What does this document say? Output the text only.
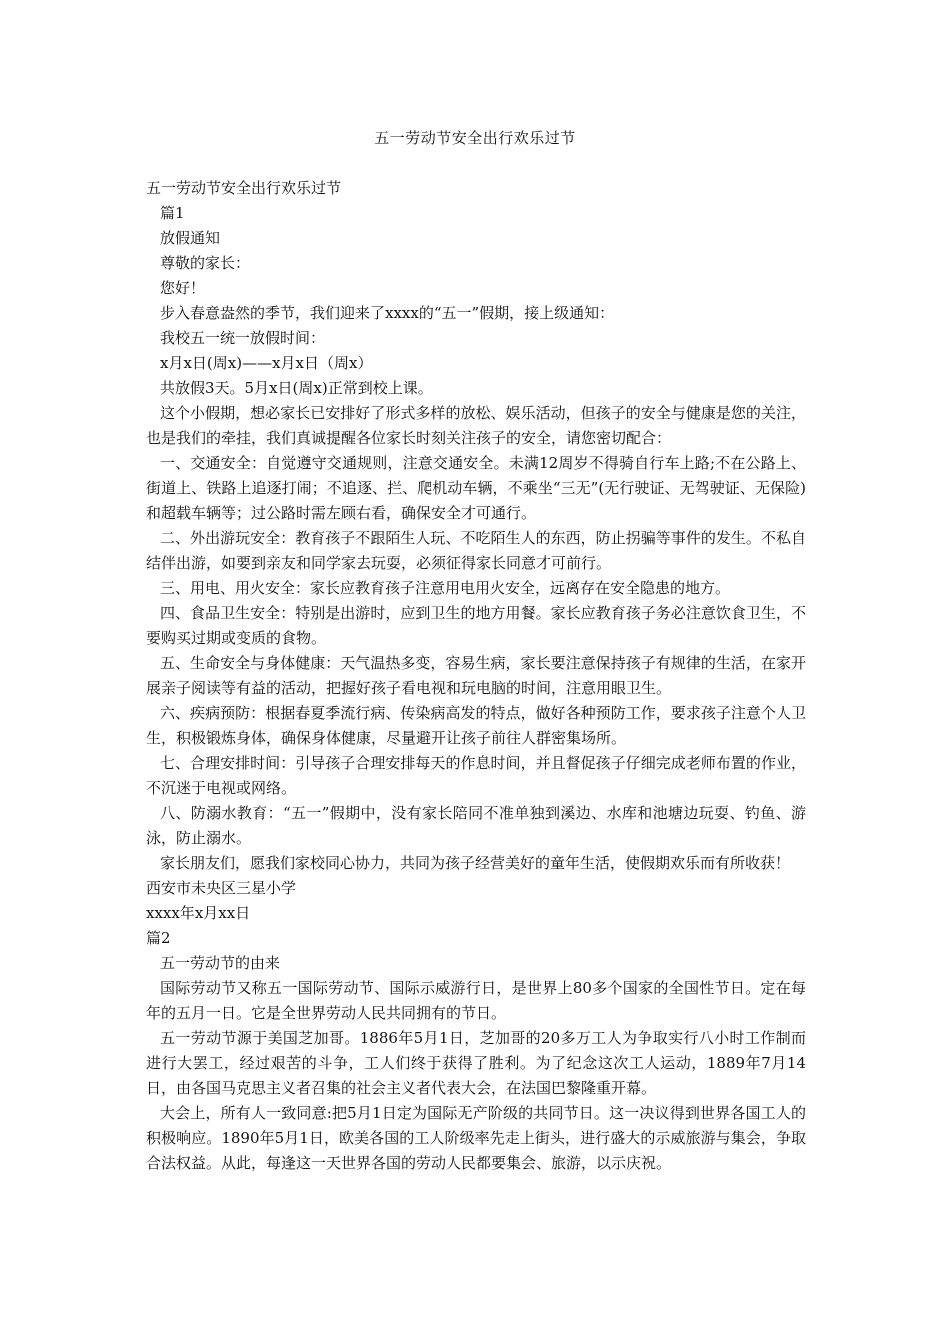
五一劳动节安全出行欢乐过节

五一劳动节安全出行欢乐过节

篇1

放假通知

尊敬的家长：

您好！

步入春意盎然的季节，我们迎来了xxxx的“五一”假期，接上级通知：

我校五一统一放假时间：

x月x日(周x)——x月x日（周x）

共放假3天。5月x日(周x)正常到校上课。

这个小假期，想必家长已安排好了形式多样的放松、娱乐活动，但孩子的安全与健康是您的关注，也是我们的牵挂，我们真诚提醒各位家长时刻关注孩子的安全，请您密切配合：

一、交通安全：自觉遵守交通规则，注意交通安全。未满12周岁不得骑自行车上路;不在公路上、街道上、铁路上追逐打闹；不追逐、拦、爬机动车辆，不乘坐“三无”(无行驶证、无驾驶证、无保险)和超载车辆等；过公路时需左顾右看，确保安全才可通行。

二、外出游玩安全：教育孩子不跟陌生人玩、不吃陌生人的东西，防止拐骗等事件的发生。不私自结伴出游，如要到亲友和同学家去玩耍，必须征得家长同意才可前行。

三、用电、用火安全：家长应教育孩子注意用电用火安全，远离存在安全隐患的地方。

四、食品卫生安全：特别是出游时，应到卫生的地方用餐。家长应教育孩子务必注意饮食卫生，不要购买过期或变质的食物。

五、生命安全与身体健康：天气温热多变，容易生病，家长要注意保持孩子有规律的生活，在家开展亲子阅读等有益的活动，把握好孩子看电视和玩电脑的时间，注意用眼卫生。

六、疾病预防：根据春夏季流行病、传染病高发的特点，做好各种预防工作，要求孩子注意个人卫生，积极锻炼身体，确保身体健康，尽量避开让孩子前往人群密集场所。

七、合理安排时间：引导孩子合理安排每天的作息时间，并且督促孩子仔细完成老师布置的作业，不沉迷于电视或网络。

八、防溺水教育：“五一”假期中，没有家长陪同不准单独到溪边、水库和池塘边玩耍、钓鱼、游泳，防止溺水。

家长朋友们，愿我们家校同心协力，共同为孩子经营美好的童年生活，使假期欢乐而有所收获！

西安市未央区三星小学

xxxx年x月xx日

篇2

五一劳动节的由来

国际劳动节又称五一国际劳动节、国际示威游行日，是世界上80多个国家的全国性节日。定在每年的五月一日。它是全世界劳动人民共同拥有的节日。

五一劳动节源于美国芝加哥。1886年5月1日，芝加哥的20多万工人为争取实行八小时工作制而进行大罢工，经过艰苦的斗争，工人们终于获得了胜利。为了纪念这次工人运动，1889年7月14日，由各国马克思主义者召集的社会主义者代表大会，在法国巴黎隆重开幕。

大会上，所有人一致同意:把5月1日定为国际无产阶级的共同节日。这一决议得到世界各国工人的积极响应。1890年5月1日，欧美各国的工人阶级率先走上街头，进行盛大的示威旅游与集会，争取合法权益。从此，每逢这一天世界各国的劳动人民都要集会、旅游，以示庆祝。
